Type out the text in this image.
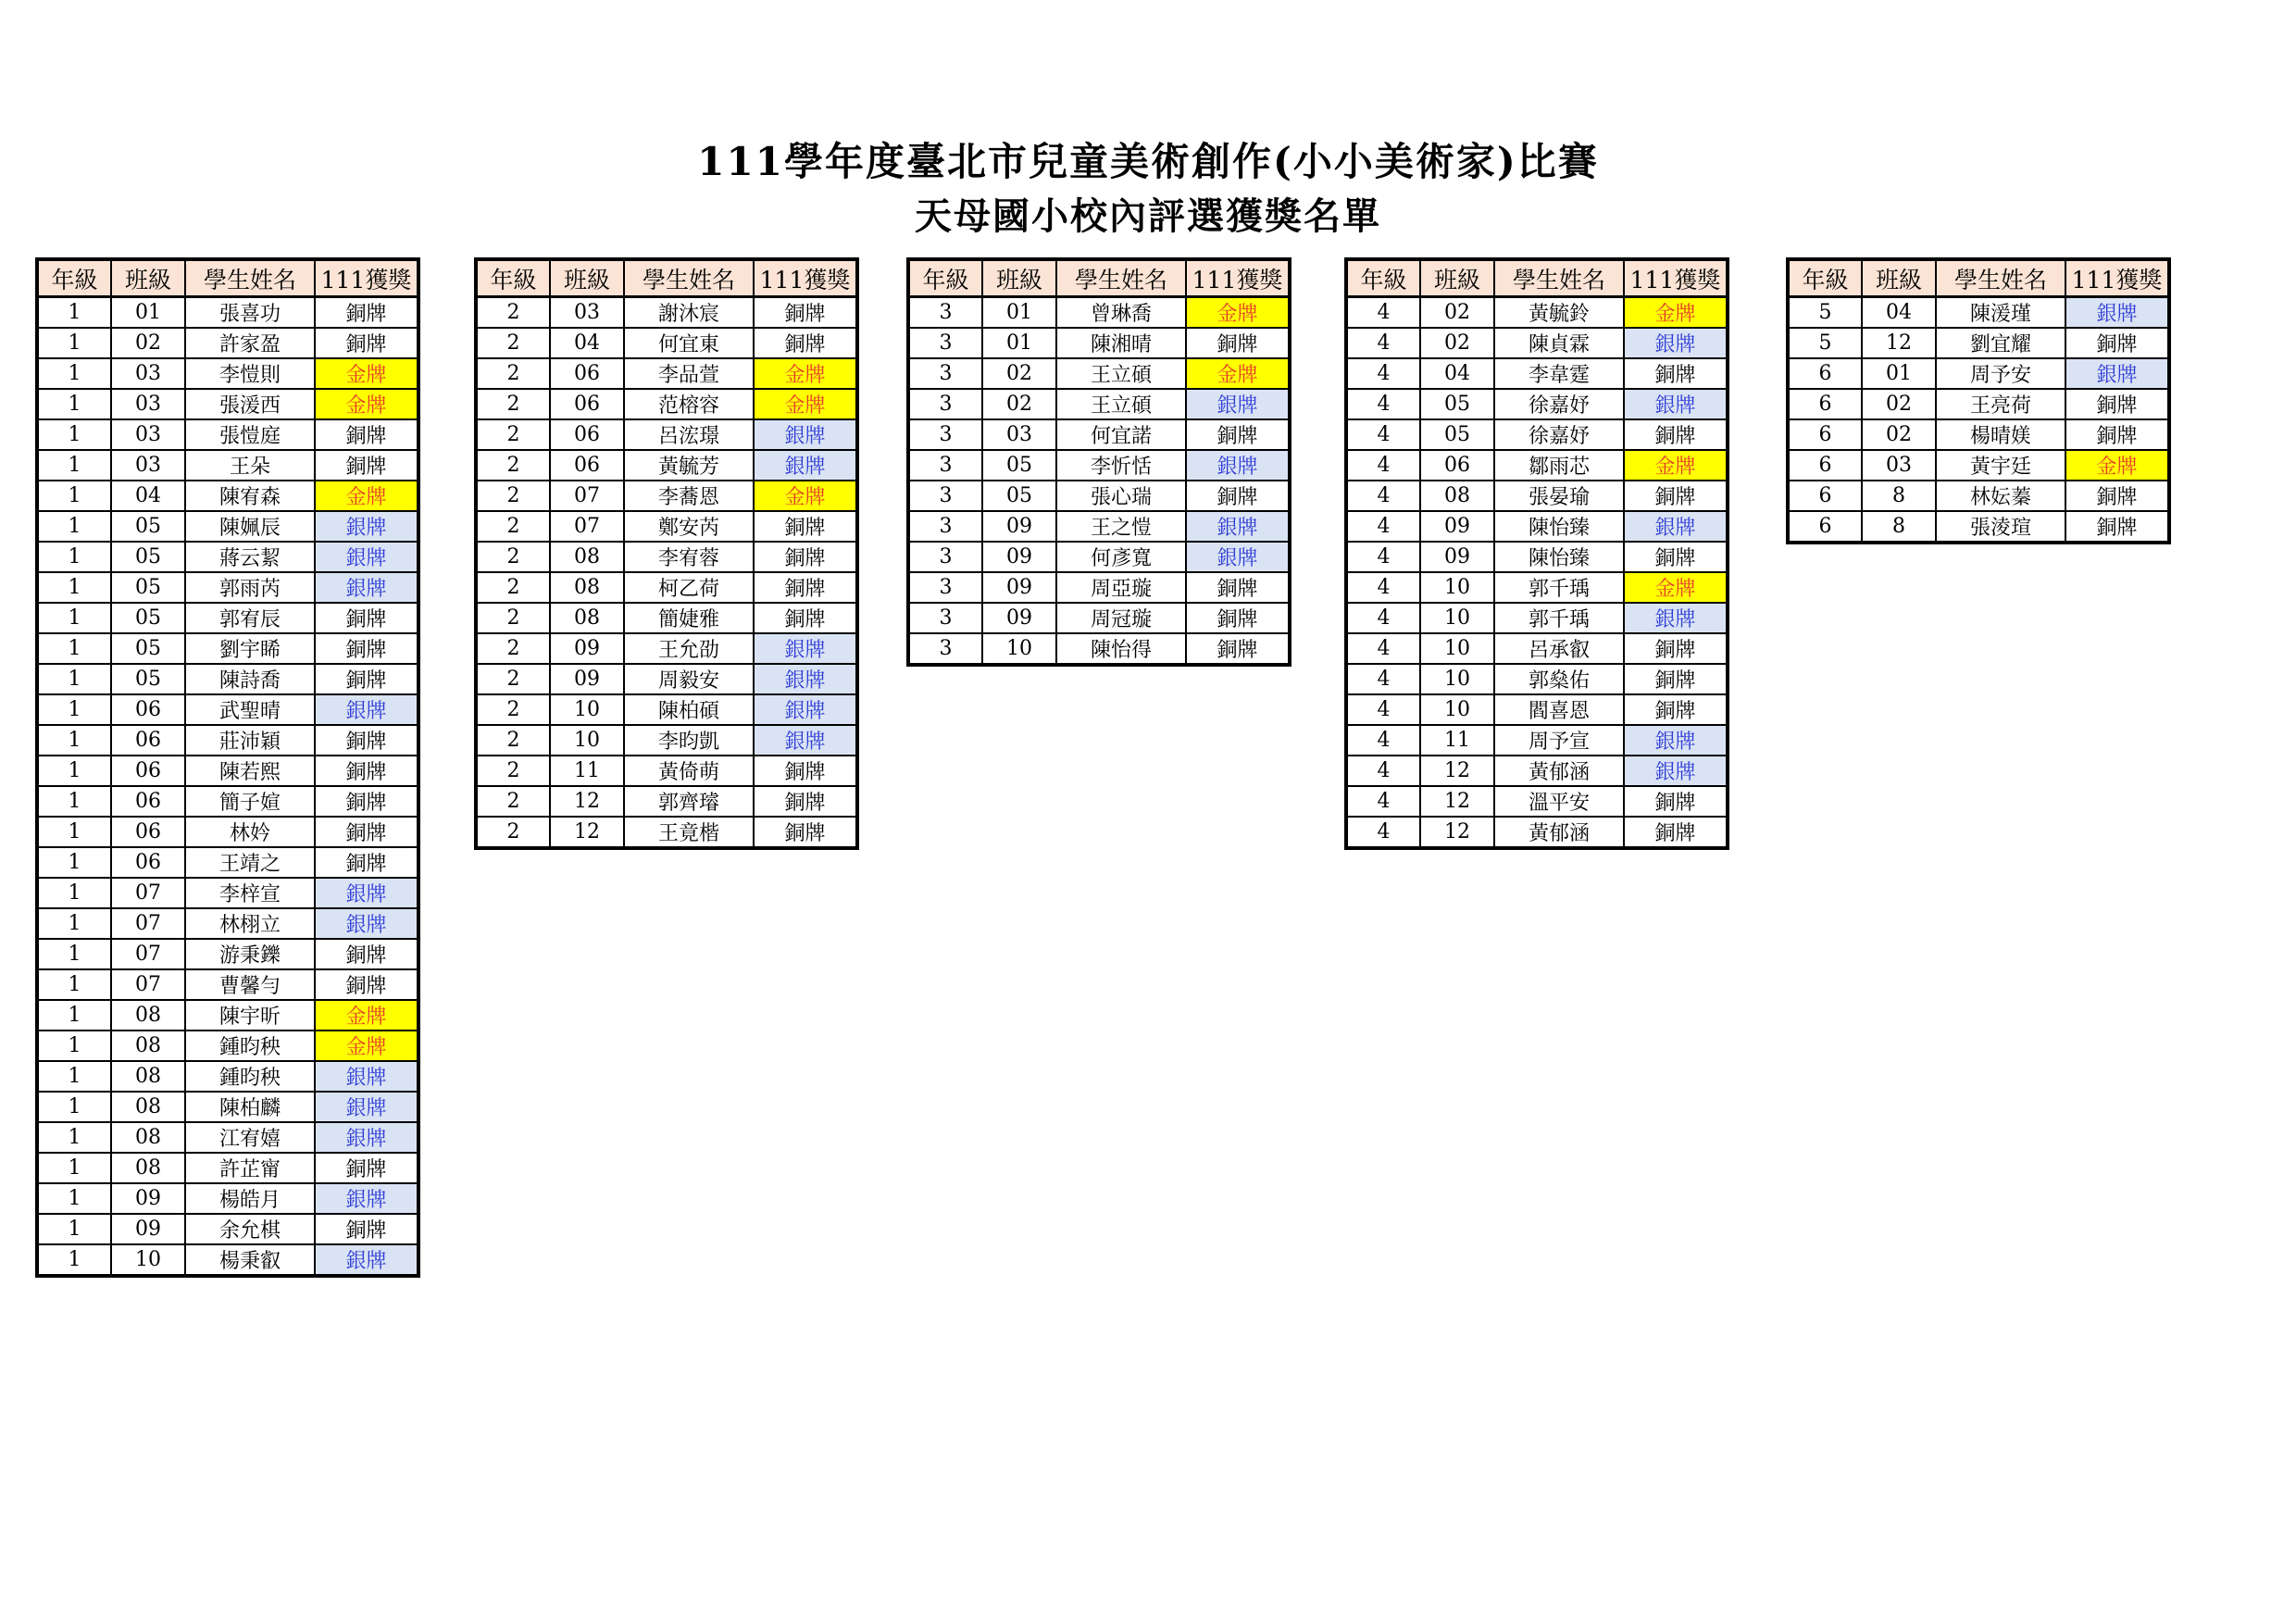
111學年度臺北市兒童美術創作(小小美術家)比賽
天母國小校內評選獲獎名單
年級	班級	學生姓名	111獲獎
1	01	張喜功	銅牌
1	02	許家盈	銅牌
1	03	李愷則	金牌
1	03	張湲西	金牌
1	03	張愷庭	銅牌
1	03	王朵	銅牌
1	04	陳宥森	金牌
1	05	陳姵辰	銀牌
1	05	蔣云絜	銀牌
1	05	郭雨芮	銀牌
1	05	郭宥辰	銅牌
1	05	劉宇睎	銅牌
1	05	陳詩喬	銅牌
1	06	武聖晴	銀牌
1	06	莊沛穎	銅牌
1	06	陳若熙	銅牌
1	06	簡子媗	銅牌
1	06	林妗	銅牌
1	06	王靖之	銅牌
1	07	李梓宣	銀牌
1	07	林栩立	銀牌
1	07	游秉鑠	銅牌
1	07	曹馨勻	銅牌
1	08	陳宇昕	金牌
1	08	鍾昀秧	金牌
1	08	鍾昀秧	銀牌
1	08	陳柏麟	銀牌
1	08	江宥嬉	銀牌
1	08	許芷甯	銅牌
1	09	楊皓月	銀牌
1	09	余允棋	銅牌
1	10	楊秉叡	銀牌
年級	班級	學生姓名	111獲獎
2	03	謝沐宸	銅牌
2	04	何宜東	銅牌
2	06	李品萱	金牌
2	06	范榕容	金牌
2	06	呂浤璟	銀牌
2	06	黃毓芳	銀牌
2	07	李蕎恩	金牌
2	07	鄭安芮	銅牌
2	08	李宥蓉	銅牌
2	08	柯乙荷	銅牌
2	08	簡婕雅	銅牌
2	09	王允劭	銀牌
2	09	周毅安	銀牌
2	10	陳柏碩	銀牌
2	10	李昀凱	銀牌
2	11	黃倚萌	銅牌
2	12	郭齊璿	銅牌
2	12	王竟楷	銅牌
年級	班級	學生姓名	111獲獎
3	01	曾琳喬	金牌
3	01	陳湘晴	銅牌
3	02	王立碩	金牌
3	02	王立碩	銀牌
3	03	何宜諾	銅牌
3	05	李忻恬	銀牌
3	05	張心瑞	銅牌
3	09	王之愷	銀牌
3	09	何彥寬	銀牌
3	09	周亞璇	銅牌
3	09	周冠璇	銅牌
3	10	陳怡得	銅牌
年級	班級	學生姓名	111獲獎
4	02	黃毓鈴	金牌
4	02	陳貞霖	銀牌
4	04	李韋霆	銅牌
4	05	徐嘉妤	銀牌
4	05	徐嘉妤	銅牌
4	06	鄒雨芯	金牌
4	08	張晏瑜	銅牌
4	09	陳怡臻	銀牌
4	09	陳怡臻	銅牌
4	10	郭千瑀	金牌
4	10	郭千瑀	銀牌
4	10	呂承叡	銅牌
4	10	郭燊佑	銅牌
4	10	閻喜恩	銅牌
4	11	周予宣	銀牌
4	12	黃郁涵	銀牌
4	12	溫平安	銅牌
4	12	黃郁涵	銅牌
年級	班級	學生姓名	111獲獎
5	04	陳湲瑾	銀牌
5	12	劉宜耀	銅牌
6	01	周予安	銀牌
6	02	王亮荷	銅牌
6	02	楊晴媄	銅牌
6	03	黃宇廷	金牌
6	8	林妘蓁	銅牌
6	8	張淩瑄	銅牌
